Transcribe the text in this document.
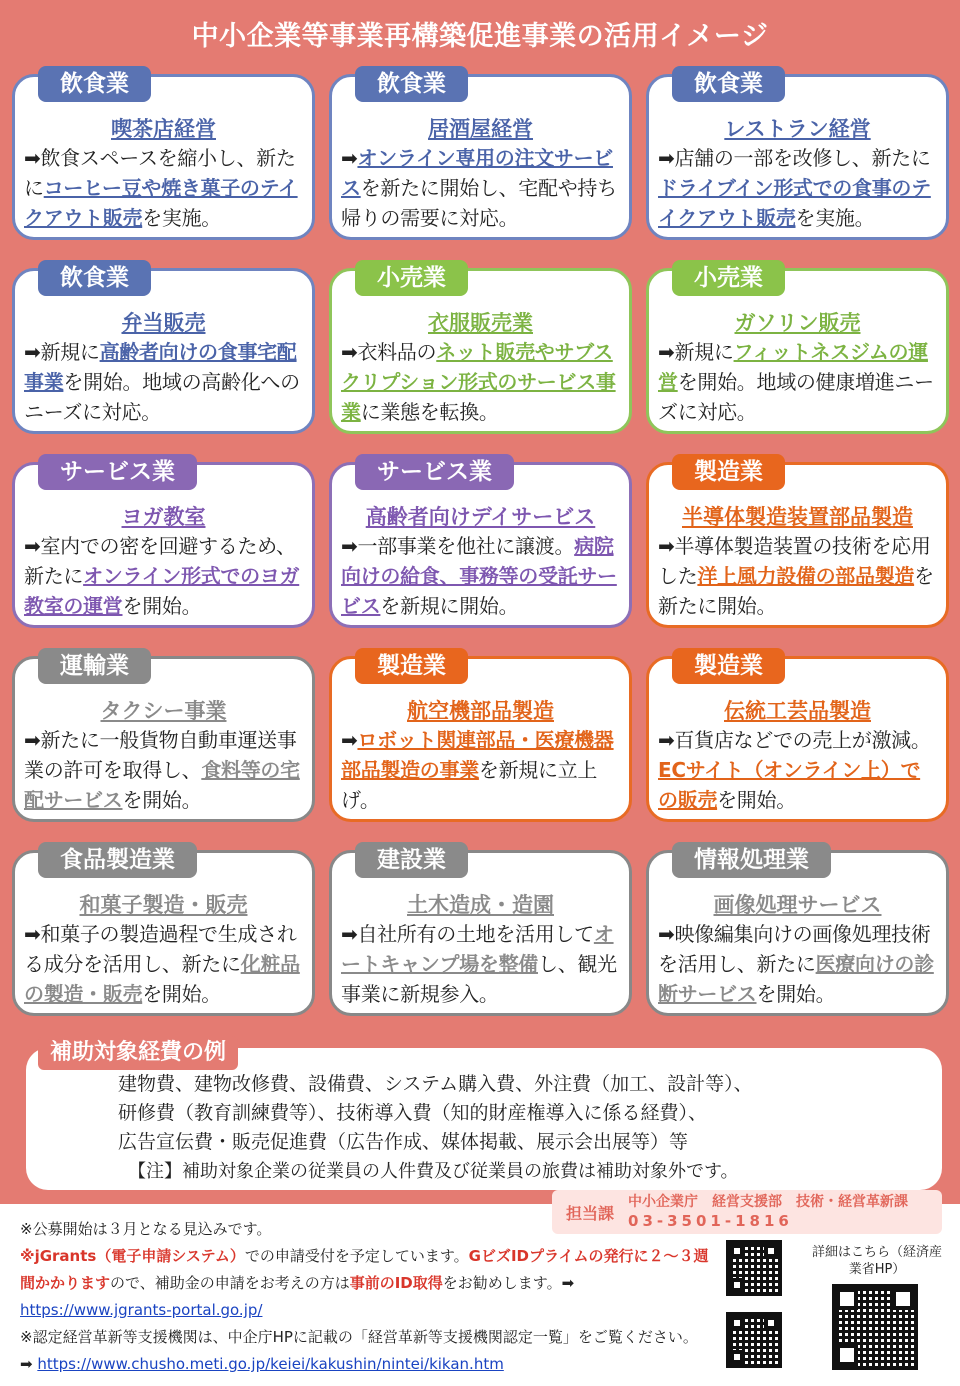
中小企業等事業再構築促進事業の活用イメージ
飲食業
喫茶店経営
➡飲食スペースを縮小し、新たにコーヒー豆や焼き菓子のテイクアウト販売を実施。
飲食業
居酒屋経営
➡オンライン専用の注文サービスを新たに開始し、宅配や持ち帰りの需要に対応。
飲食業
レストラン経営
➡店舗の一部を改修し、新たにドライブイン形式での食事のテイクアウト販売を実施。
飲食業
弁当販売
➡新規に高齢者向けの食事宅配事業を開始。地域の高齢化へのニーズに対応。
小売業
衣服販売業
➡衣料品のネット販売やサブスクリプション形式のサービス事業に業態を転換。
小売業
ガソリン販売
➡新規にフィットネスジムの運営を開始。地域の健康増進ニーズに対応。
サービス業
ヨガ教室
➡室内での密を回避するため、新たにオンライン形式でのヨガ教室の運営を開始。
サービス業
高齢者向けデイサービス
➡一部事業を他社に譲渡。病院向けの給食、事務等の受託サービスを新規に開始。
製造業
半導体製造装置部品製造
➡半導体製造装置の技術を応用した洋上風力設備の部品製造を新たに開始。
運輸業
タクシー事業
➡新たに一般貨物自動車運送事業の許可を取得し、食料等の宅配サービスを開始。
製造業
航空機部品製造
➡ロボット関連部品・医療機器部品製造の事業を新規に立上げ。
製造業
伝統工芸品製造
➡百貨店などでの売上が激減。ECサイト（オンライン上）での販売を開始。
食品製造業
和菓子製造・販売
➡和菓子の製造過程で生成される成分を活用し、新たに化粧品の製造・販売を開始。
建設業
土木造成・造園
➡自社所有の土地を活用してオートキャンプ場を整備し、観光事業に新規参入。
情報処理業
画像処理サービス
➡映像編集向けの画像処理技術を活用し、新たに医療向けの診断サービスを開始。
補助対象経費の例
建物費、建物改修費、設備費、システム購入費、外注費（加工、設計等）、
研修費（教育訓練費等）、技術導入費（知的財産権導入に係る経費）、
広告宣伝費・販売促進費（広告作成、媒体掲載、展示会出展等）等
【注】補助対象企業の従業員の人件費及び従業員の旅費は補助対象外です。
※公募開始は３月となる見込みです。
※jGrants（電子申請システム）での申請受付を予定しています。GビズIDプライムの発行に２～３週間かかりますので、補助金の申請をお考えの方は事前のID取得をお勧めします。➡ https://www.jgrants-portal.go.jp/
※認定経営革新等支援機関は、中企庁HPに記載の「経営革新等支援機関認定一覧」をご覧ください。➡ https://www.chusho.meti.go.jp/keiei/kakushin/nintei/kikan.htm
詳細はこちら（経済産業省HP）
担当課
中小企業庁　経営支援部　技術・経営革新課
03-3501-1816
